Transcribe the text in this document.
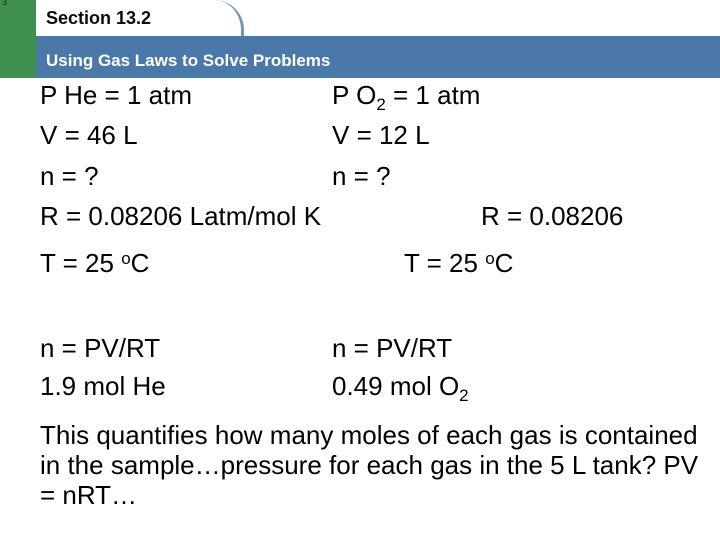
3
Section 13.2
Using Gas Laws to Solve Problems
P He = 1 atm
V = 46 L
n = ?
R = 0.08206 Latm/mol K
T = 25 $^o$C
n = PV/RT
1.9 mol He
P $O_2 = 1$ atm
V = 12 L
n = ?
R = 0.08206
T = 25 $^o$C
n = PV/RT
0.49 mol $O_2$
This quantifies how many moles of each gas is contained in the sample…pressure for each gas in the 5 L tank? PV = nRT…
